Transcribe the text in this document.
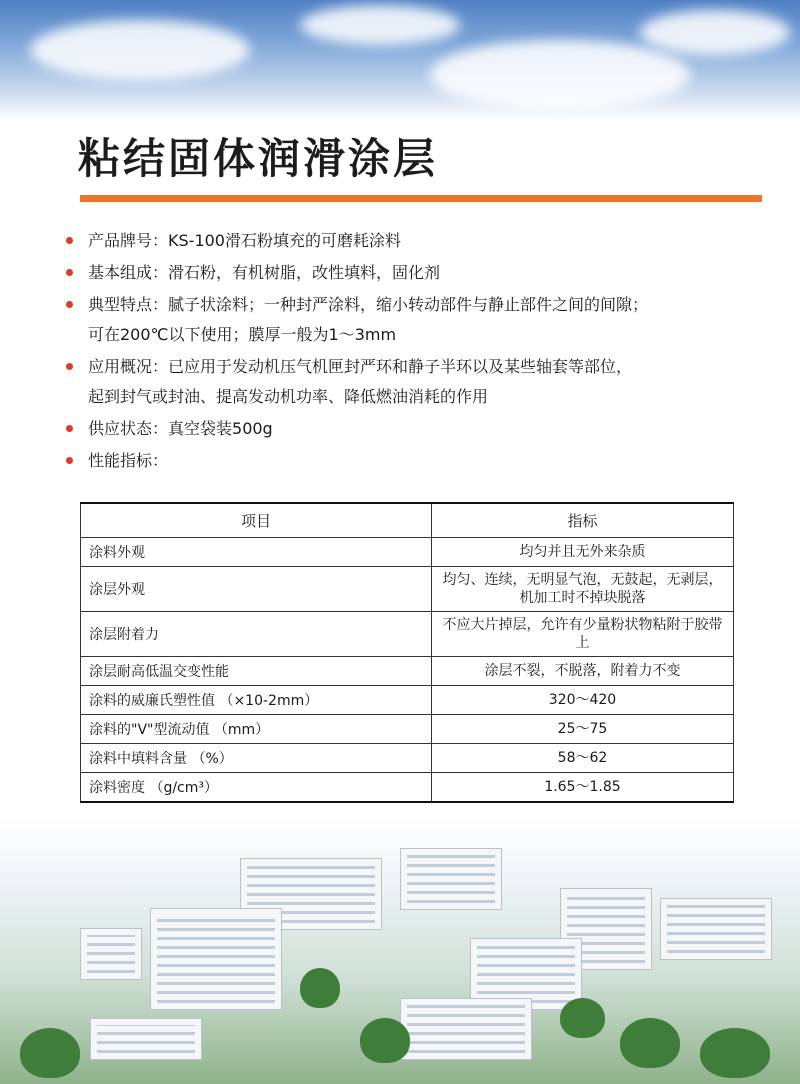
粘结固体润滑涂层
产品牌号：KS-100滑石粉填充的可磨耗涂料
基本组成：滑石粉，有机树脂，改性填料，固化剂
典型特点：腻子状涂料；一种封严涂料，缩小转动部件与静止部件之间的间隙；
可在200℃以下使用；膜厚一般为1～3mm
应用概况：已应用于发动机压气机匣封严环和静子半环以及某些轴套等部位，
起到封气或封油、提高发动机功率、降低燃油消耗的作用
供应状态：真空袋装500g
性能指标：
项目	指标
涂料外观	均匀并且无外来杂质
涂层外观	均匀、连续，无明显气泡，无鼓起，无剥层，机加工时不掉块脱落
涂层附着力	不应大片掉层，允许有少量粉状物粘附于胶带上
涂层耐高低温交变性能	涂层不裂，不脱落，附着力不变
涂料的威廉氏塑性值 （×10-2mm）	320～420
涂料的"V"型流动值 （mm）	25～75
涂料中填料含量 （%）	58～62
涂料密度 （g/cm³）	1.65～1.85
